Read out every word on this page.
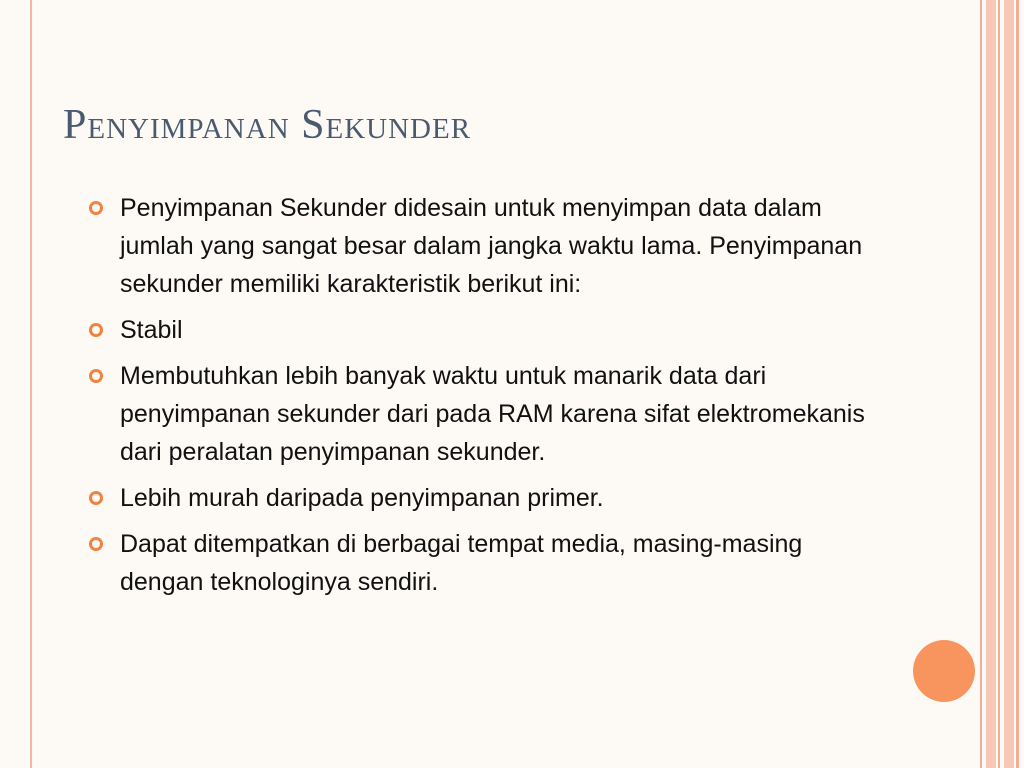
Penyimpanan Sekunder
Penyimpanan Sekunder didesain untuk menyimpan data dalam jumlah yang sangat besar dalam jangka waktu lama. Penyimpanan sekunder memiliki karakteristik berikut ini:
Stabil
Membutuhkan lebih banyak waktu untuk manarik data dari penyimpanan sekunder dari pada RAM karena sifat elektromekanis dari peralatan penyimpanan sekunder.
Lebih murah daripada penyimpanan primer.
Dapat ditempatkan di berbagai tempat media, masing-masing dengan teknologinya sendiri.
